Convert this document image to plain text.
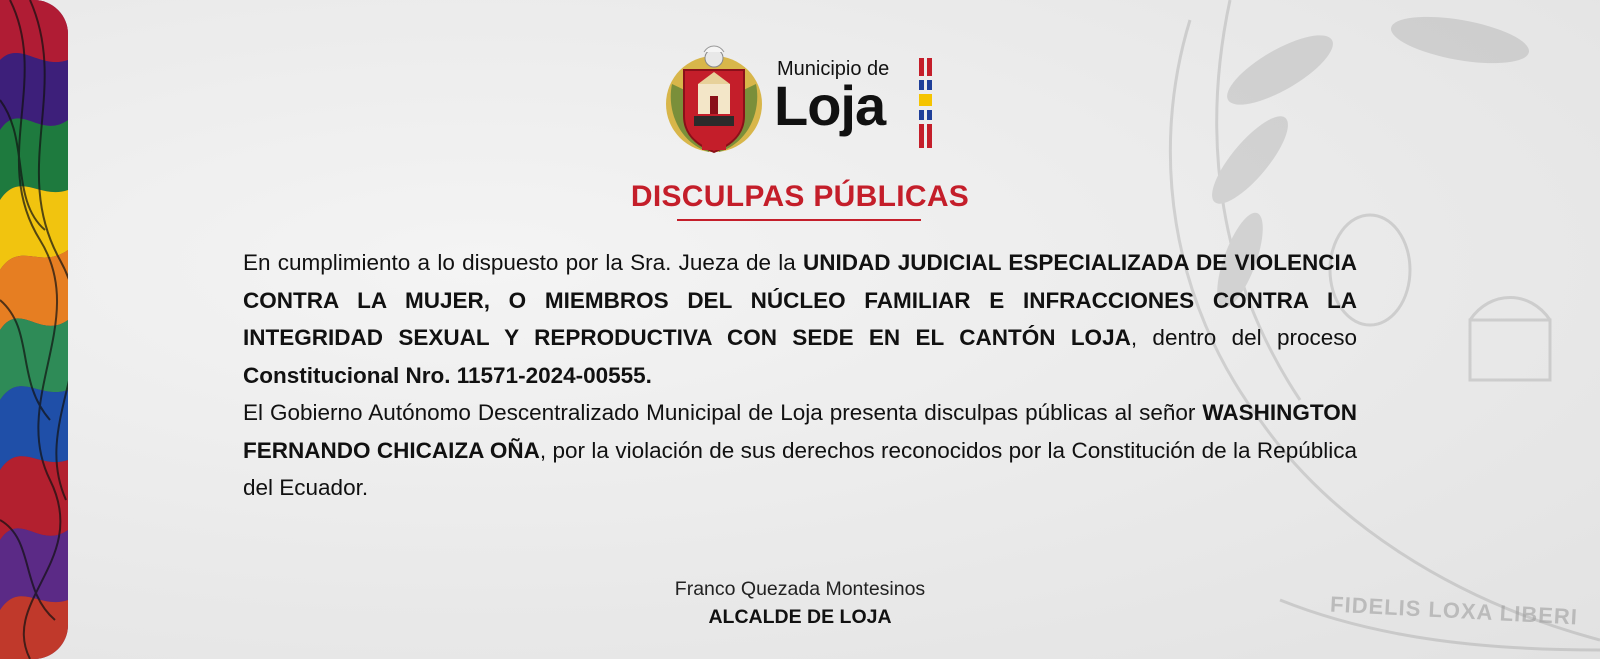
FIDELIS LOXA LIBERI
Municipio de
Loja
DISCULPAS PÚBLICAS
En cumplimiento a lo dispuesto por la Sra. Jueza de la UNIDAD JUDICIAL ESPECIALIZADA DE VIOLENCIA CONTRA LA MUJER, O MIEMBROS DEL NÚCLEO FAMILIAR E INFRACCIONES CONTRA LA INTEGRIDAD SEXUAL Y REPRODUCTIVA CON SEDE EN EL CANTÓN LOJA, dentro del proceso Constitucional Nro. 11571-2024-00555.
El Gobierno Autónomo Descentralizado Municipal de Loja presenta disculpas públicas al señor WASHINGTON FERNANDO CHICAIZA OÑA, por la violación de sus derechos reconocidos por la Constitución de la República del Ecuador.
Franco Quezada Montesinos
ALCALDE DE LOJA
